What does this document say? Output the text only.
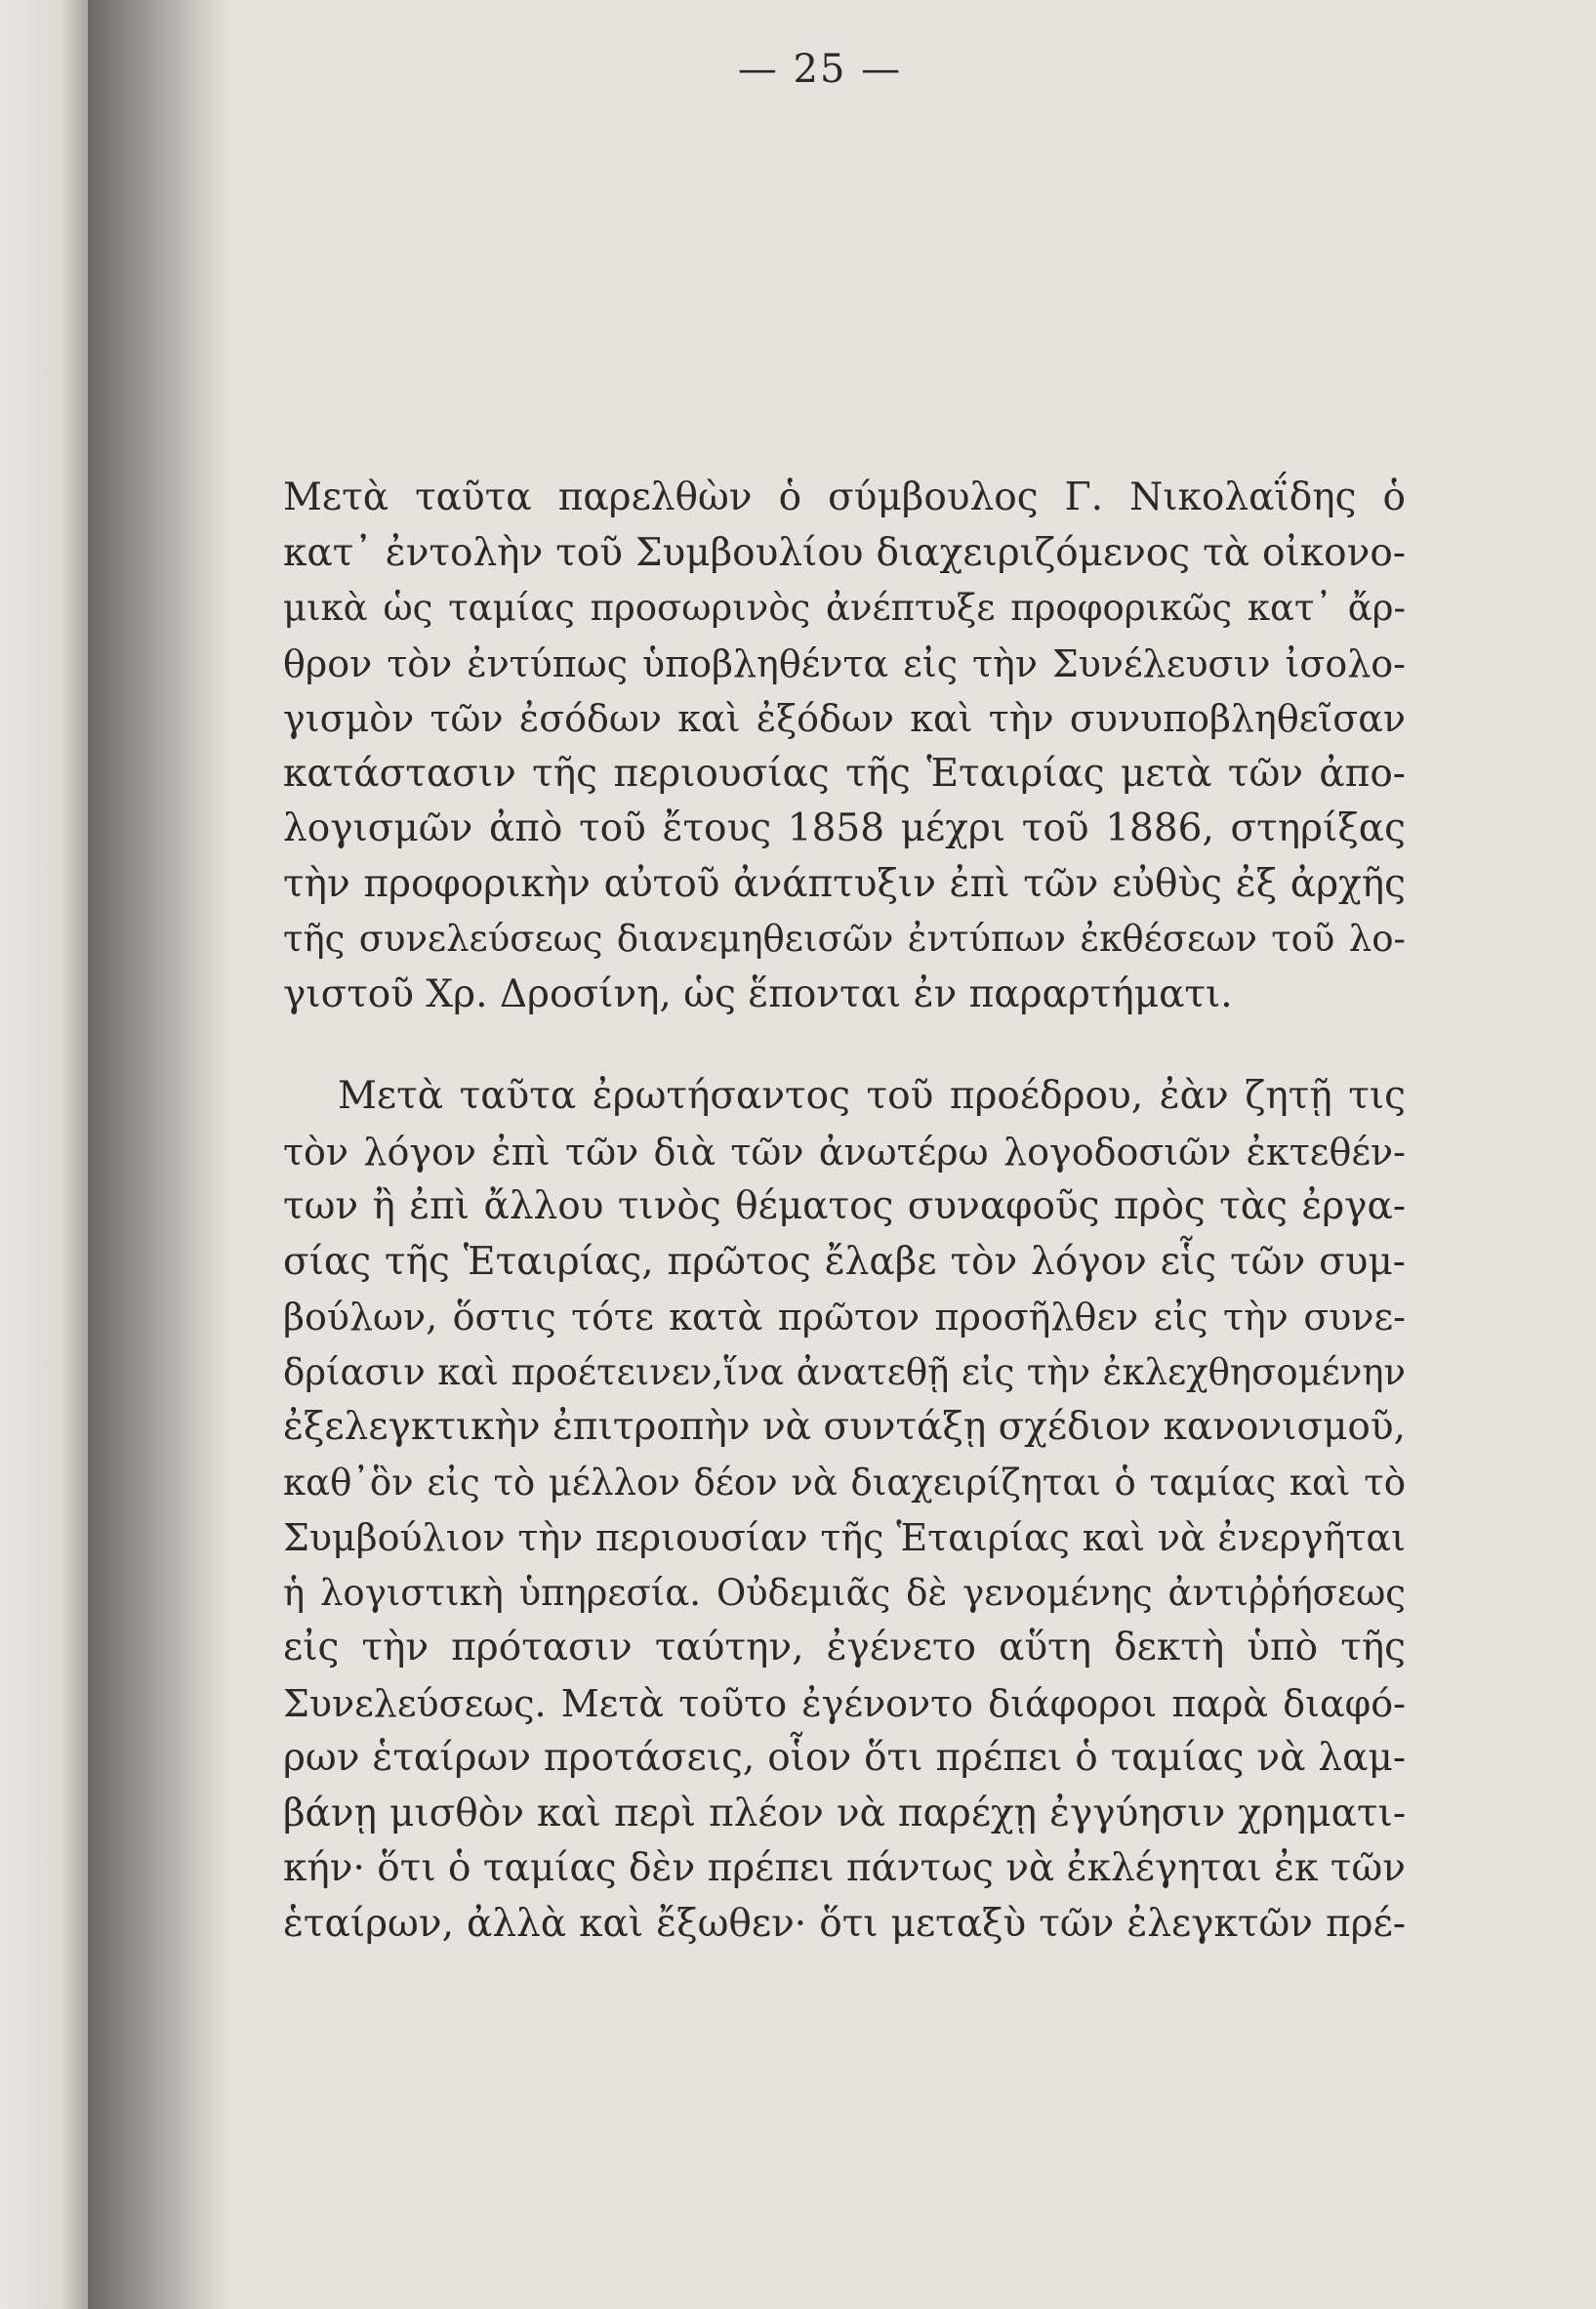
— 25 —
Μετὰ ταῦτα παρελθὼν ὁ σύμβουλος Γ. Νικολαΐδης ὁ
κατ᾽ ἐντολὴν τοῦ Συμβουλίου διαχειριζόμενος τὰ οἰκονο-
μικὰ ὡς ταμίας προσωρινὸς ἀνέπτυξε προφορικῶς κατ᾽ ἄρ-
θρον τὸν ἐντύπως ὑποβληθέντα εἰς τὴν Συνέλευσιν ἰσολο-
γισμὸν τῶν ἐσόδων καὶ ἐξόδων καὶ τὴν συνυποβληθεῖσαν
κατάστασιν τῆς περιουσίας τῆς Ἑταιρίας μετὰ τῶν ἀπο-
λογισμῶν ἀπὸ τοῦ ἔτους 1858 μέχρι τοῦ 1886, στηρίξας
τὴν προφορικὴν αὐτοῦ ἀνάπτυξιν ἐπὶ τῶν εὐθὺς ἐξ ἀρχῆς
τῆς συνελεύσεως διανεμηθεισῶν ἐντύπων ἐκθέσεων τοῦ λο-
γιστοῦ Χρ. Δροσίνη, ὡς ἕπονται ἐν παραρτήματι.
Μετὰ ταῦτα ἐρωτήσαντος τοῦ προέδρου, ἐὰν ζητῇ τις
τὸν λόγον ἐπὶ τῶν διὰ τῶν ἀνωτέρω λογοδοσιῶν ἐκτεθέν-
των ἢ ἐπὶ ἄλλου τινὸς θέματος συναφοῦς πρὸς τὰς ἐργα-
σίας τῆς Ἑταιρίας, πρῶτος ἔλαβε τὸν λόγον εἷς τῶν συμ-
βούλων, ὅστις τότε κατὰ πρῶτον προσῆλθεν εἰς τὴν συνε-
δρίασιν καὶ προέτεινεν,ἵνα ἀνατεθῇ εἰς τὴν ἐκλεχθησομένην
ἐξελεγκτικὴν ἐπιτροπὴν νὰ συντάξῃ σχέδιον κανονισμοῦ,
καθ᾽ὃν εἰς τὸ μέλλον δέον νὰ διαχειρίζηται ὁ ταμίας καὶ τὸ
Συμβούλιον τὴν περιουσίαν τῆς Ἑταιρίας καὶ νὰ ἐνεργῆται
ἡ λογιστικὴ ὑπηρεσία. Οὐδεμιᾶς δὲ γενομένης ἀντιῤῥήσεως
εἰς τὴν πρότασιν ταύτην, ἐγένετο αὕτη δεκτὴ ὑπὸ τῆς
Συνελεύσεως. Μετὰ τοῦτο ἐγένοντο διάφοροι παρὰ διαφό-
ρων ἑταίρων προτάσεις, οἷον ὅτι πρέπει ὁ ταμίας νὰ λαμ-
βάνῃ μισθὸν καὶ περὶ πλέον νὰ παρέχῃ ἐγγύησιν χρηματι-
κήν· ὅτι ὁ ταμίας δὲν πρέπει πάντως νὰ ἐκλέγηται ἐκ τῶν
ἑταίρων, ἀλλὰ καὶ ἔξωθεν· ὅτι μεταξὺ τῶν ἐλεγκτῶν πρέ-
